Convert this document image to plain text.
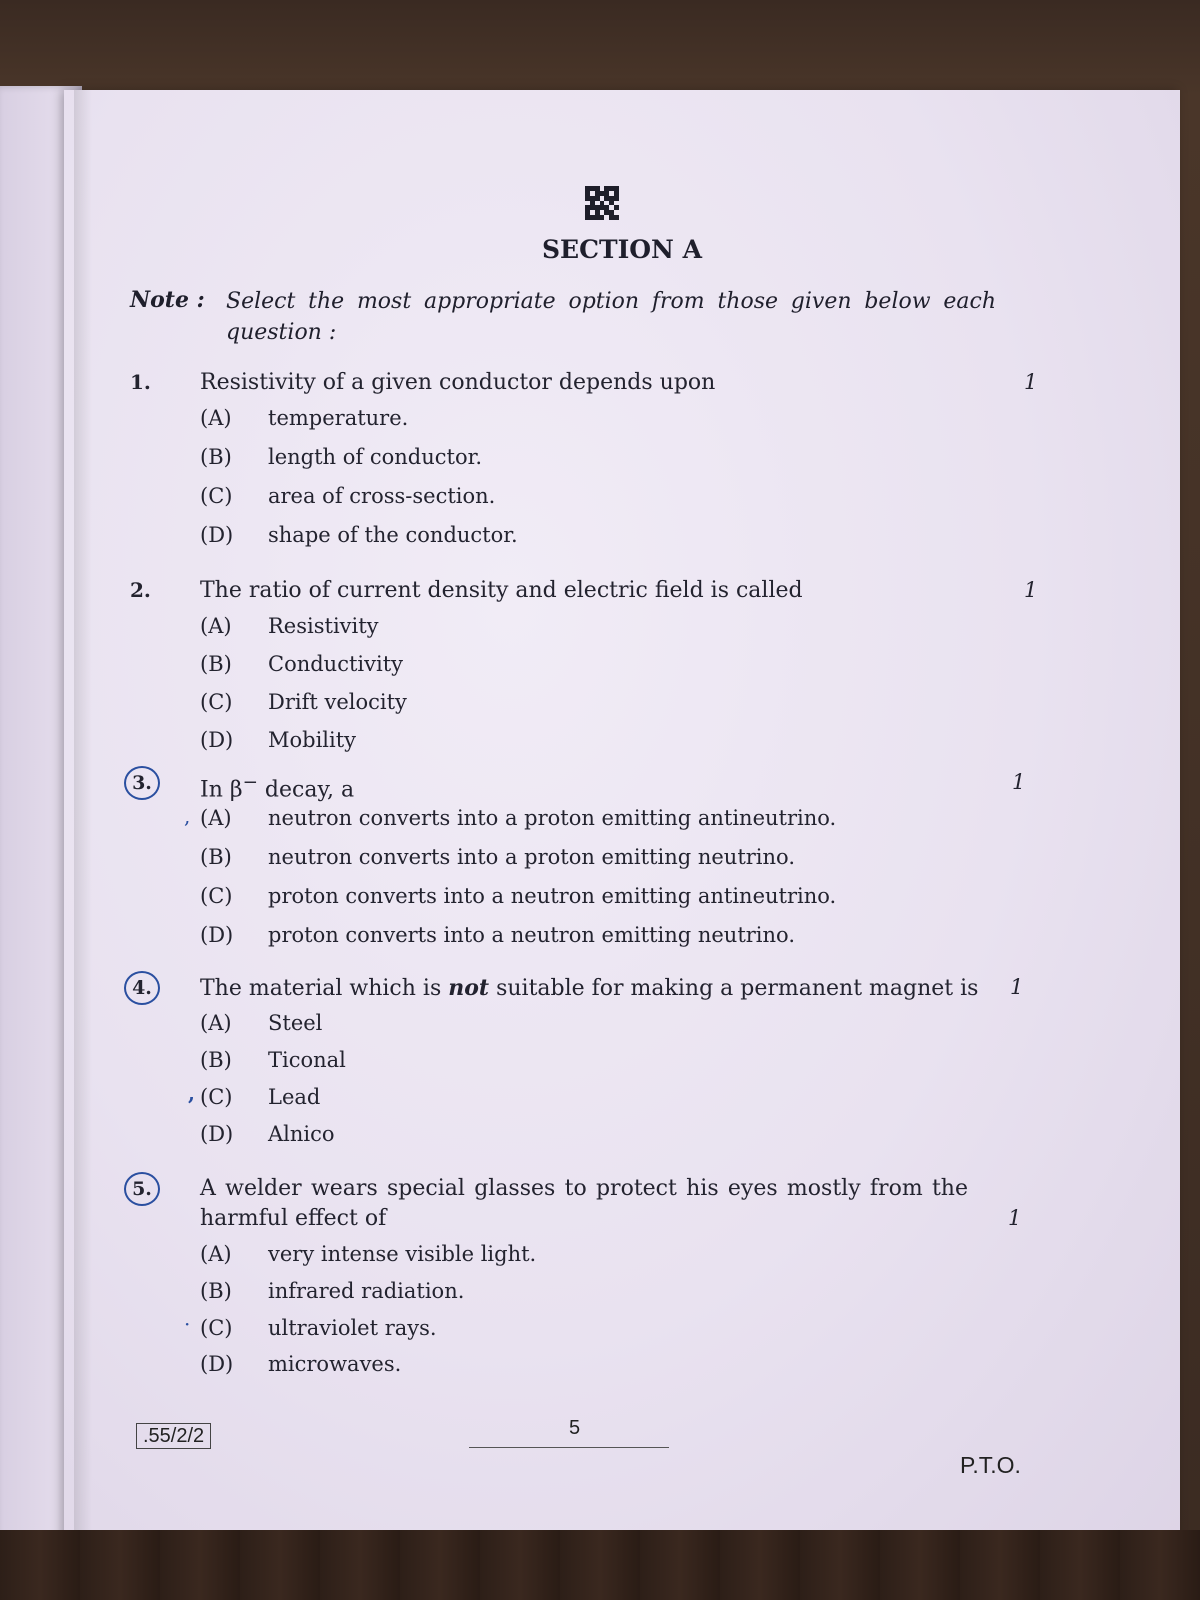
SECTION A
Note : Select the most appropriate option from those given below each question :
1. Resistivity of a given conductor depends upon	1
(A) temperature.
(B) length of conductor.
(C) area of cross-section.
(D) shape of the conductor.
2. The ratio of current density and electric field is called	1
(A) Resistivity
(B) Conductivity
(C) Drift velocity
(D) Mobility
3.	In β− decay, a	1
(A) neutron converts into a proton emitting antineutrino.
(B) neutron converts into a proton emitting neutrino.
(C) proton converts into a neutron emitting antineutrino.
(D) proton converts into a neutron emitting neutrino.
,
4.	The material which is not suitable for making a permanent magnet is	1
(A) Steel
(B) Ticonal
(C) Lead
(D) Alnico
,
5.	A welder wears special glasses to protect his eyes mostly from the harmful effect of	1
(A) very intense visible light.
(B) infrared radiation.
(C) ultraviolet rays.
(D) microwaves.
·
.55/2/2	5
P.T.O.
